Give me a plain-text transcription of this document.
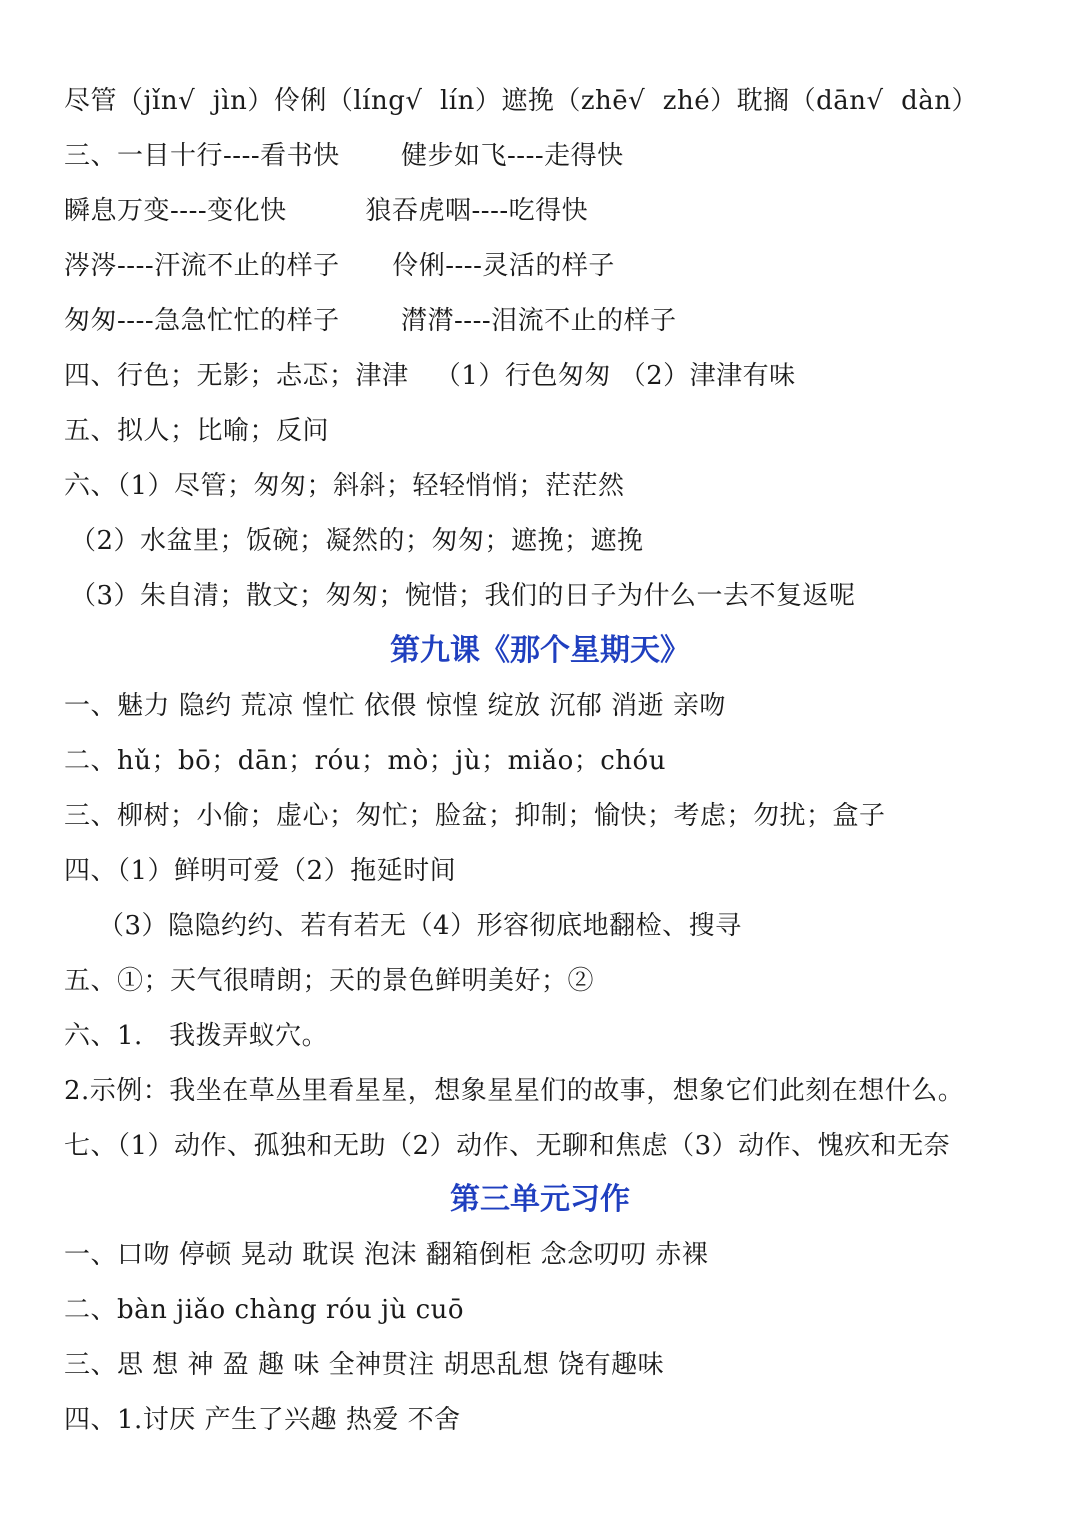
尽管（jǐn√  jìn）伶俐（líng√  lín）遮挽（zhē√  zhé）耽搁（dān√  dàn）
三、一目十行----看书快       健步如飞----走得快
瞬息万变----变化快         狼吞虎咽----吃得快
涔涔----汗流不止的样子      伶俐----灵活的样子
匆匆----急急忙忙的样子       潸潸----泪流不止的样子
四、行色；无影；忐忑；津津   （1）行色匆匆 （2）津津有味
五、拟人；比喻；反问
六、（1）尽管；匆匆；斜斜；轻轻悄悄；茫茫然
（2）水盆里；饭碗；凝然的；匆匆；遮挽；遮挽
（3）朱自清；散文；匆匆；惋惜；我们的日子为什么一去不复返呢
第九课《那个星期天》
一、魅力 隐约 荒凉 惶忙 依偎 惊惶 绽放 沉郁 消逝 亲吻
二、hǔ；bō；dān；róu；mò；jù；miǎo；chóu
三、柳树；小偷；虚心；匆忙；脸盆；抑制；愉快；考虑；勿扰；盒子
四、（1）鲜明可爱（2）拖延时间
（3）隐隐约约、若有若无（4）形容彻底地翻检、搜寻
五、①；天气很晴朗；天的景色鲜明美好；②
六、1.   我拨弄蚁穴。
2.示例：我坐在草丛里看星星，想象星星们的故事，想象它们此刻在想什么。
七、（1）动作、孤独和无助（2）动作、无聊和焦虑（3）动作、愧疚和无奈
第三单元习作
一、口吻 停顿 晃动 耽误 泡沫 翻箱倒柜 念念叨叨 赤裸
二、bàn jiǎo chàng róu jù cuō
三、思 想 神 盈 趣 味 全神贯注 胡思乱想 饶有趣味
四、1.讨厌 产生了兴趣 热爱 不舍
